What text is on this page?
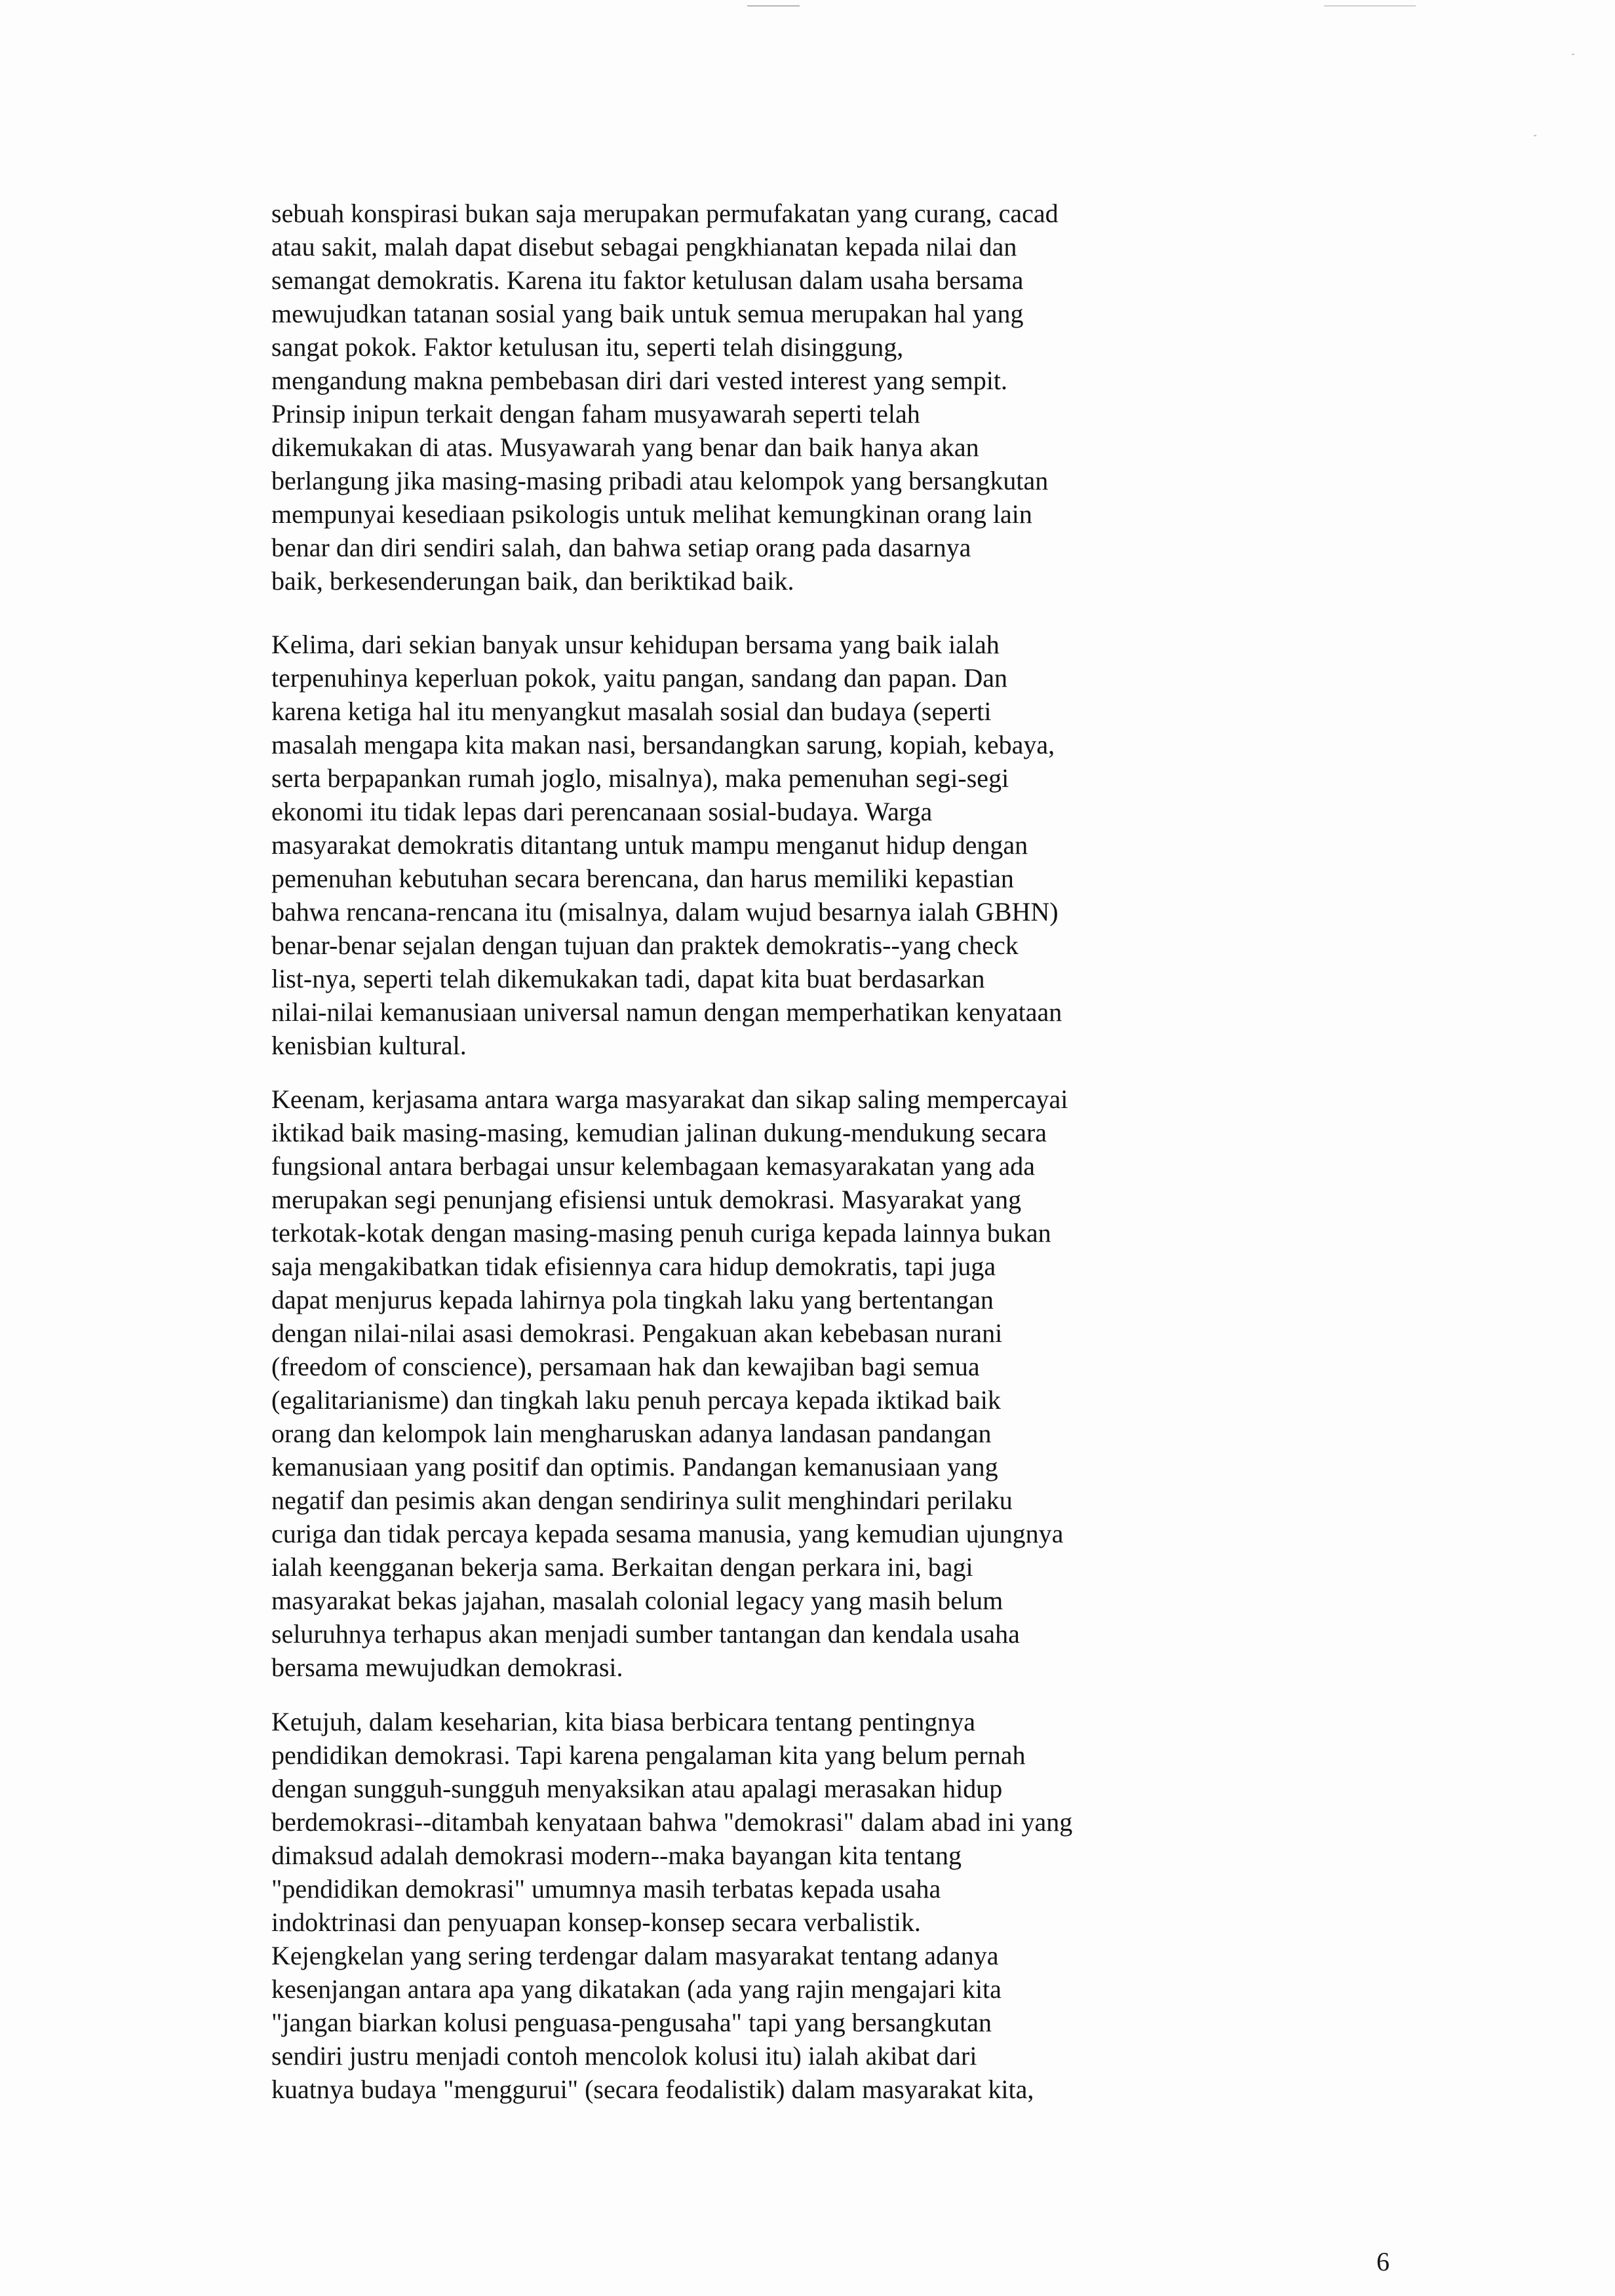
sebuah konspirasi bukan saja merupakan permufakatan yang curang, cacad
atau sakit, malah dapat disebut sebagai pengkhianatan kepada nilai dan
semangat demokratis. Karena itu faktor ketulusan dalam usaha bersama
mewujudkan tatanan sosial yang baik untuk semua merupakan hal yang
sangat pokok. Faktor ketulusan itu, seperti telah disinggung,
mengandung makna pembebasan diri dari vested interest yang sempit.
Prinsip inipun terkait dengan faham musyawarah seperti telah
dikemukakan di atas. Musyawarah yang benar dan baik hanya akan
berlangung jika masing-masing pribadi atau kelompok yang bersangkutan
mempunyai kesediaan psikologis untuk melihat kemungkinan orang lain
benar dan diri sendiri salah, dan bahwa setiap orang pada dasarnya
baik, berkesenderungan baik, dan beriktikad baik.

Kelima, dari sekian banyak unsur kehidupan bersama yang baik ialah
terpenuhinya keperluan pokok, yaitu pangan, sandang dan papan. Dan
karena ketiga hal itu menyangkut masalah sosial dan budaya (seperti
masalah mengapa kita makan nasi, bersandangkan sarung, kopiah, kebaya,
serta berpapankan rumah joglo, misalnya), maka pemenuhan segi-segi
ekonomi itu tidak lepas dari perencanaan sosial-budaya. Warga
masyarakat demokratis ditantang untuk mampu menganut hidup dengan
pemenuhan kebutuhan secara berencana, dan harus memiliki kepastian
bahwa rencana-rencana itu (misalnya, dalam wujud besarnya ialah GBHN)
benar-benar sejalan dengan tujuan dan praktek demokratis--yang check
list-nya, seperti telah dikemukakan tadi, dapat kita buat berdasarkan
nilai-nilai kemanusiaan universal namun dengan memperhatikan kenyataan
kenisbian kultural.

Keenam, kerjasama antara warga masyarakat dan sikap saling mempercayai
iktikad baik masing-masing, kemudian jalinan dukung-mendukung secara
fungsional antara berbagai unsur kelembagaan kemasyarakatan yang ada
merupakan segi penunjang efisiensi untuk demokrasi. Masyarakat yang
terkotak-kotak dengan masing-masing penuh curiga kepada lainnya bukan
saja mengakibatkan tidak efisiennya cara hidup demokratis, tapi juga
dapat menjurus kepada lahirnya pola tingkah laku yang bertentangan
dengan nilai-nilai asasi demokrasi. Pengakuan akan kebebasan nurani
(freedom of conscience), persamaan hak dan kewajiban bagi semua
(egalitarianisme) dan tingkah laku penuh percaya kepada iktikad baik
orang dan kelompok lain mengharuskan adanya landasan pandangan
kemanusiaan yang positif dan optimis. Pandangan kemanusiaan yang
negatif dan pesimis akan dengan sendirinya sulit menghindari perilaku
curiga dan tidak percaya kepada sesama manusia, yang kemudian ujungnya
ialah keengganan bekerja sama. Berkaitan dengan perkara ini, bagi
masyarakat bekas jajahan, masalah colonial legacy yang masih belum
seluruhnya terhapus akan menjadi sumber tantangan dan kendala usaha
bersama mewujudkan demokrasi.

Ketujuh, dalam keseharian, kita biasa berbicara tentang pentingnya
pendidikan demokrasi. Tapi karena pengalaman kita yang belum pernah
dengan sungguh-sungguh menyaksikan atau apalagi merasakan hidup
berdemokrasi--ditambah kenyataan bahwa "demokrasi" dalam abad ini yang
dimaksud adalah demokrasi modern--maka bayangan kita tentang
"pendidikan demokrasi" umumnya masih terbatas kepada usaha
indoktrinasi dan penyuapan konsep-konsep secara verbalistik.
Kejengkelan yang sering terdengar dalam masyarakat tentang adanya
kesenjangan antara apa yang dikatakan (ada yang rajin mengajari kita
"jangan biarkan kolusi penguasa-pengusaha" tapi yang bersangkutan
sendiri justru menjadi contoh mencolok kolusi itu) ialah akibat dari
kuatnya budaya "menggurui" (secara feodalistik) dalam masyarakat kita,

6
